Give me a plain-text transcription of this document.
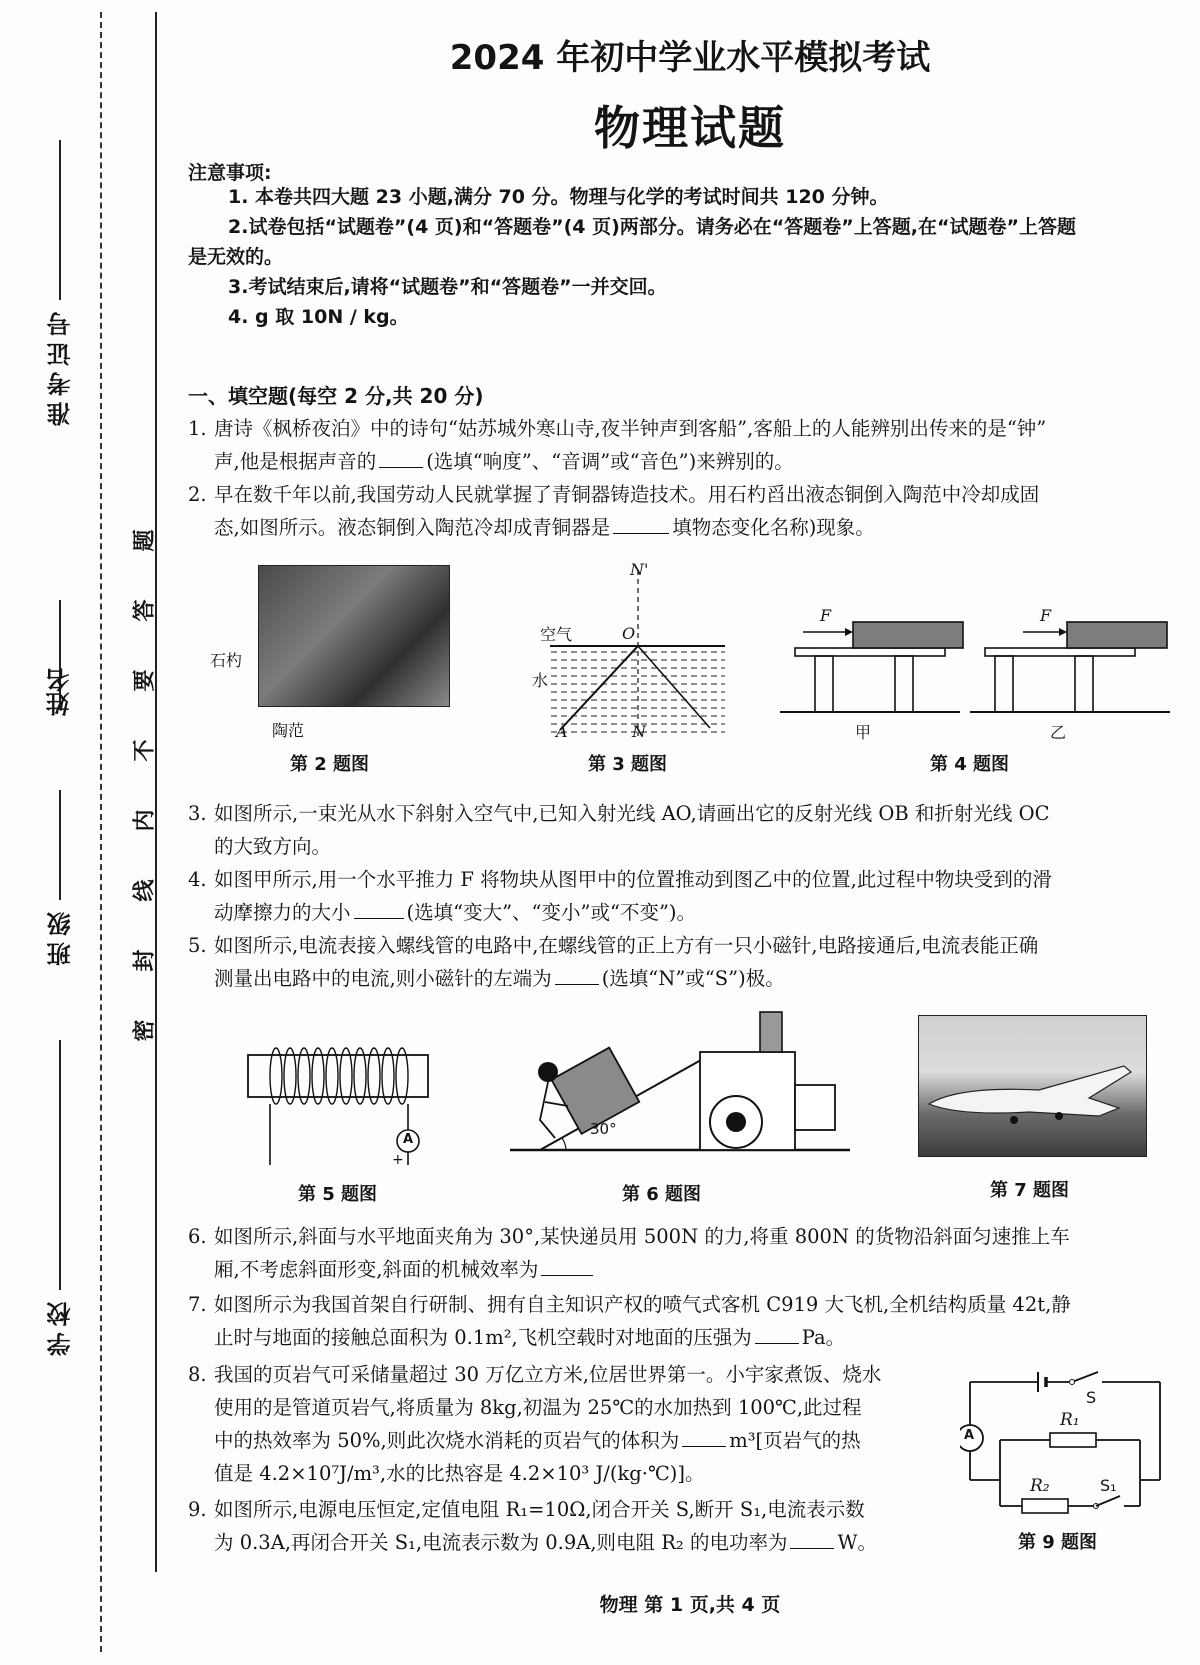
准考证号
姓名
班级
学校
密
封
线
内
不
要
答
题
2024 年初中学业水平模拟考试
物理试题
注意事项:
1. 本卷共四大题 23 小题,满分 70 分。物理与化学的考试时间共 120 分钟。
2.试卷包括“试题卷”(4 页)和“答题卷”(4 页)两部分。请务必在“答题卷”上答题,在“试题卷”上答题
是无效的。
3.考试结束后,请将“试题卷”和“答题卷”一并交回。
4. g 取 10N / kg。
一、填空题(每空 2 分,共 20 分)
1. 唐诗《枫桥夜泊》中的诗句“姑苏城外寒山寺,夜半钟声到客船”,客船上的人能辨别出传来的是“钟”
声,他是根据声音的	(选填“响度”、“音调”或“音色”)来辨别的。
2. 早在数千年以前,我国劳动人民就掌握了青铜器铸造技术。用石杓舀出液态铜倒入陶范中冷却成固
态,如图所示。液态铜倒入陶范冷却成青铜器是	填物态变化名称)现象。
石杓
陶范
第 2 题图
N'
空气	O
水
A	N
第 3 题图
F	F
甲	乙
第 4 题图
3. 如图所示,一束光从水下斜射入空气中,已知入射光线 AO,请画出它的反射光线 OB 和折射光线 OC
的大致方向。
4. 如图甲所示,用一个水平推力 F 将物块从图甲中的位置推动到图乙中的位置,此过程中物块受到的滑
动摩擦力的大小	(选填“变大”、“变小”或“不变”)。
5. 如图所示,电流表接入螺线管的电路中,在螺线管的正上方有一只小磁针,电路接通后,电流表能正确
测量出电路中的电流,则小磁针的左端为	(选填“N”或“S”)极。
A
+
第 5 题图
30°
第 6 题图	第 7 题图
6. 如图所示,斜面与水平地面夹角为 30°,某快递员用 500N 的力,将重 800N 的货物沿斜面匀速推上车
厢,不考虑斜面形变,斜面的机械效率为
7. 如图所示为我国首架自行研制、拥有自主知识产权的喷气式客机 C919 大飞机,全机结构质量 42t,静
止时与地面的接触总面积为 0.1m²,飞机空载时对地面的压强为	Pa。
8. 我国的页岩气可采储量超过 30 万亿立方米,位居世界第一。小宇家煮饭、烧水
使用的是管道页岩气,将质量为 8kg,初温为 25℃的水加热到 100℃,此过程
中的热效率为 50%,则此次烧水消耗的页岩气的体积为	m³[页岩气的热
值是 4.2×10⁷J/m³,水的比热容是 4.2×10³ J/(kg·℃)]。
9. 如图所示,电源电压恒定,定值电阻 R₁=10Ω,闭合开关 S,断开 S₁,电流表示数
为 0.3A,再闭合开关 S₁,电流表示数为 0.9A,则电阻 R₂ 的电功率为	W。
A
S
R₁
R₂	S₁
第 9 题图
物理 第 1 页,共 4 页
